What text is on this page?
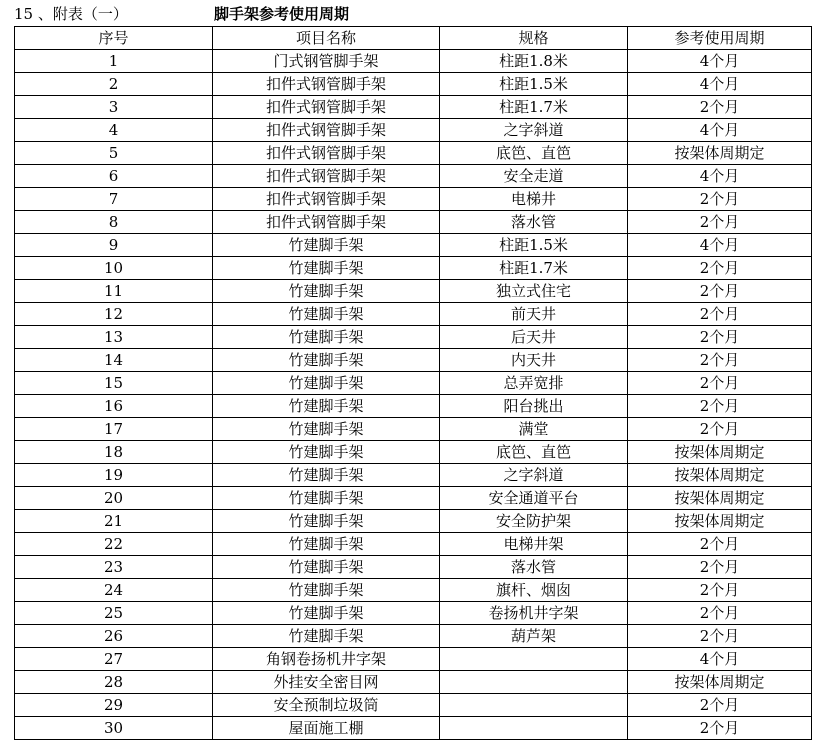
15 、附表（一）	脚手架参考使用周期
序号	项目名称	规格	参考使用周期
1	门式钢管脚手架	柱距1.8米	4个月
2	扣件式钢管脚手架	柱距1.5米	4个月
3	扣件式钢管脚手架	柱距1.7米	2个月
4	扣件式钢管脚手架	之字斜道	4个月
5	扣件式钢管脚手架	底笆、直笆	按架体周期定
6	扣件式钢管脚手架	安全走道	4个月
7	扣件式钢管脚手架	电梯井	2个月
8	扣件式钢管脚手架	落水管	2个月
9	竹建脚手架	柱距1.5米	4个月
10	竹建脚手架	柱距1.7米	2个月
11	竹建脚手架	独立式住宅	2个月
12	竹建脚手架	前天井	2个月
13	竹建脚手架	后天井	2个月
14	竹建脚手架	内天井	2个月
15	竹建脚手架	总弄宽排	2个月
16	竹建脚手架	阳台挑出	2个月
17	竹建脚手架	满堂	2个月
18	竹建脚手架	底笆、直笆	按架体周期定
19	竹建脚手架	之字斜道	按架体周期定
20	竹建脚手架	安全通道平台	按架体周期定
21	竹建脚手架	安全防护架	按架体周期定
22	竹建脚手架	电梯井架	2个月
23	竹建脚手架	落水管	2个月
24	竹建脚手架	旗杆、烟囱	2个月
25	竹建脚手架	卷扬机井字架	2个月
26	竹建脚手架	葫芦架	2个月
27	角钢卷扬机井字架		4个月
28	外挂安全密目网		按架体周期定
29	安全预制垃圾筒		2个月
30	屋面施工棚		2个月
